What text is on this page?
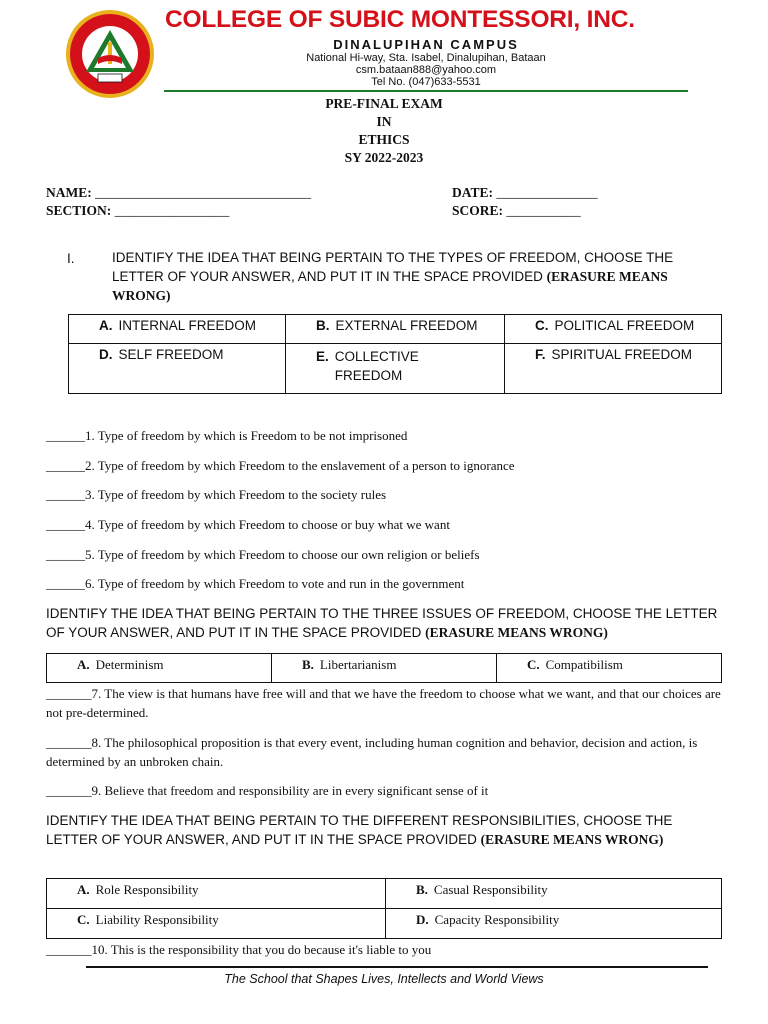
COLLEGE OF SUBIC MONTESSORI, INC.
DINALUPIHAN CAMPUS
National Hi-way, Sta. Isabel, Dinalupihan, Bataan
csm.bataan888@yahoo.com
Tel No. (047)633-5531
PRE-FINAL EXAM
IN
ETHICS
SY 2022-2023
NAME: ________________________________	DATE: _______________
SECTION: _________________	SCORE: ___________
I.	IDENTIFY THE IDEA THAT BEING PERTAIN TO THE TYPES OF FREEDOM, CHOOSE THE LETTER OF YOUR ANSWER, AND PUT IT IN THE SPACE PROVIDED (ERASURE MEANS WRONG)
A. INTERNAL FREEDOM	B. EXTERNAL FREEDOM	C. POLITICAL FREEDOM

D. SELF FREEDOM	E. COLLECTIVE FREEDOM	F. SPIRITUAL FREEDOM
______1. Type of freedom by which is Freedom to be not imprisoned
______2. Type of freedom by which Freedom to the enslavement of a person to ignorance
______3. Type of freedom by which Freedom to the society rules
______4. Type of freedom by which Freedom to choose or buy what we want
______5. Type of freedom by which Freedom to choose our own religion or beliefs
______6. Type of freedom by which Freedom to vote and run in the government
IDENTIFY THE IDEA THAT BEING PERTAIN TO THE THREE ISSUES OF FREEDOM, CHOOSE THE LETTER OF YOUR ANSWER, AND PUT IT IN THE SPACE PROVIDED (ERASURE MEANS WRONG)
A. Determinism	B. Libertarianism	C. Compatibilism
_______7. The view is that humans have free will and that we have the freedom to choose what we want, and that our choices are not pre-determined.
_______8. The philosophical proposition is that every event, including human cognition and behavior, decision and action, is determined by an unbroken chain.
_______9. Believe that freedom and responsibility are in every significant sense of it
IDENTIFY THE IDEA THAT BEING PERTAIN TO THE DIFFERENT RESPONSIBILITIES, CHOOSE THE LETTER OF YOUR ANSWER, AND PUT IT IN THE SPACE PROVIDED (ERASURE MEANS WRONG)
A. Role Responsibility	B. Casual Responsibility

C. Liability Responsibility	D. Capacity Responsibility
_______10. This is the responsibility that you do because it's liable to you
The School that Shapes Lives, Intellects and World Views
